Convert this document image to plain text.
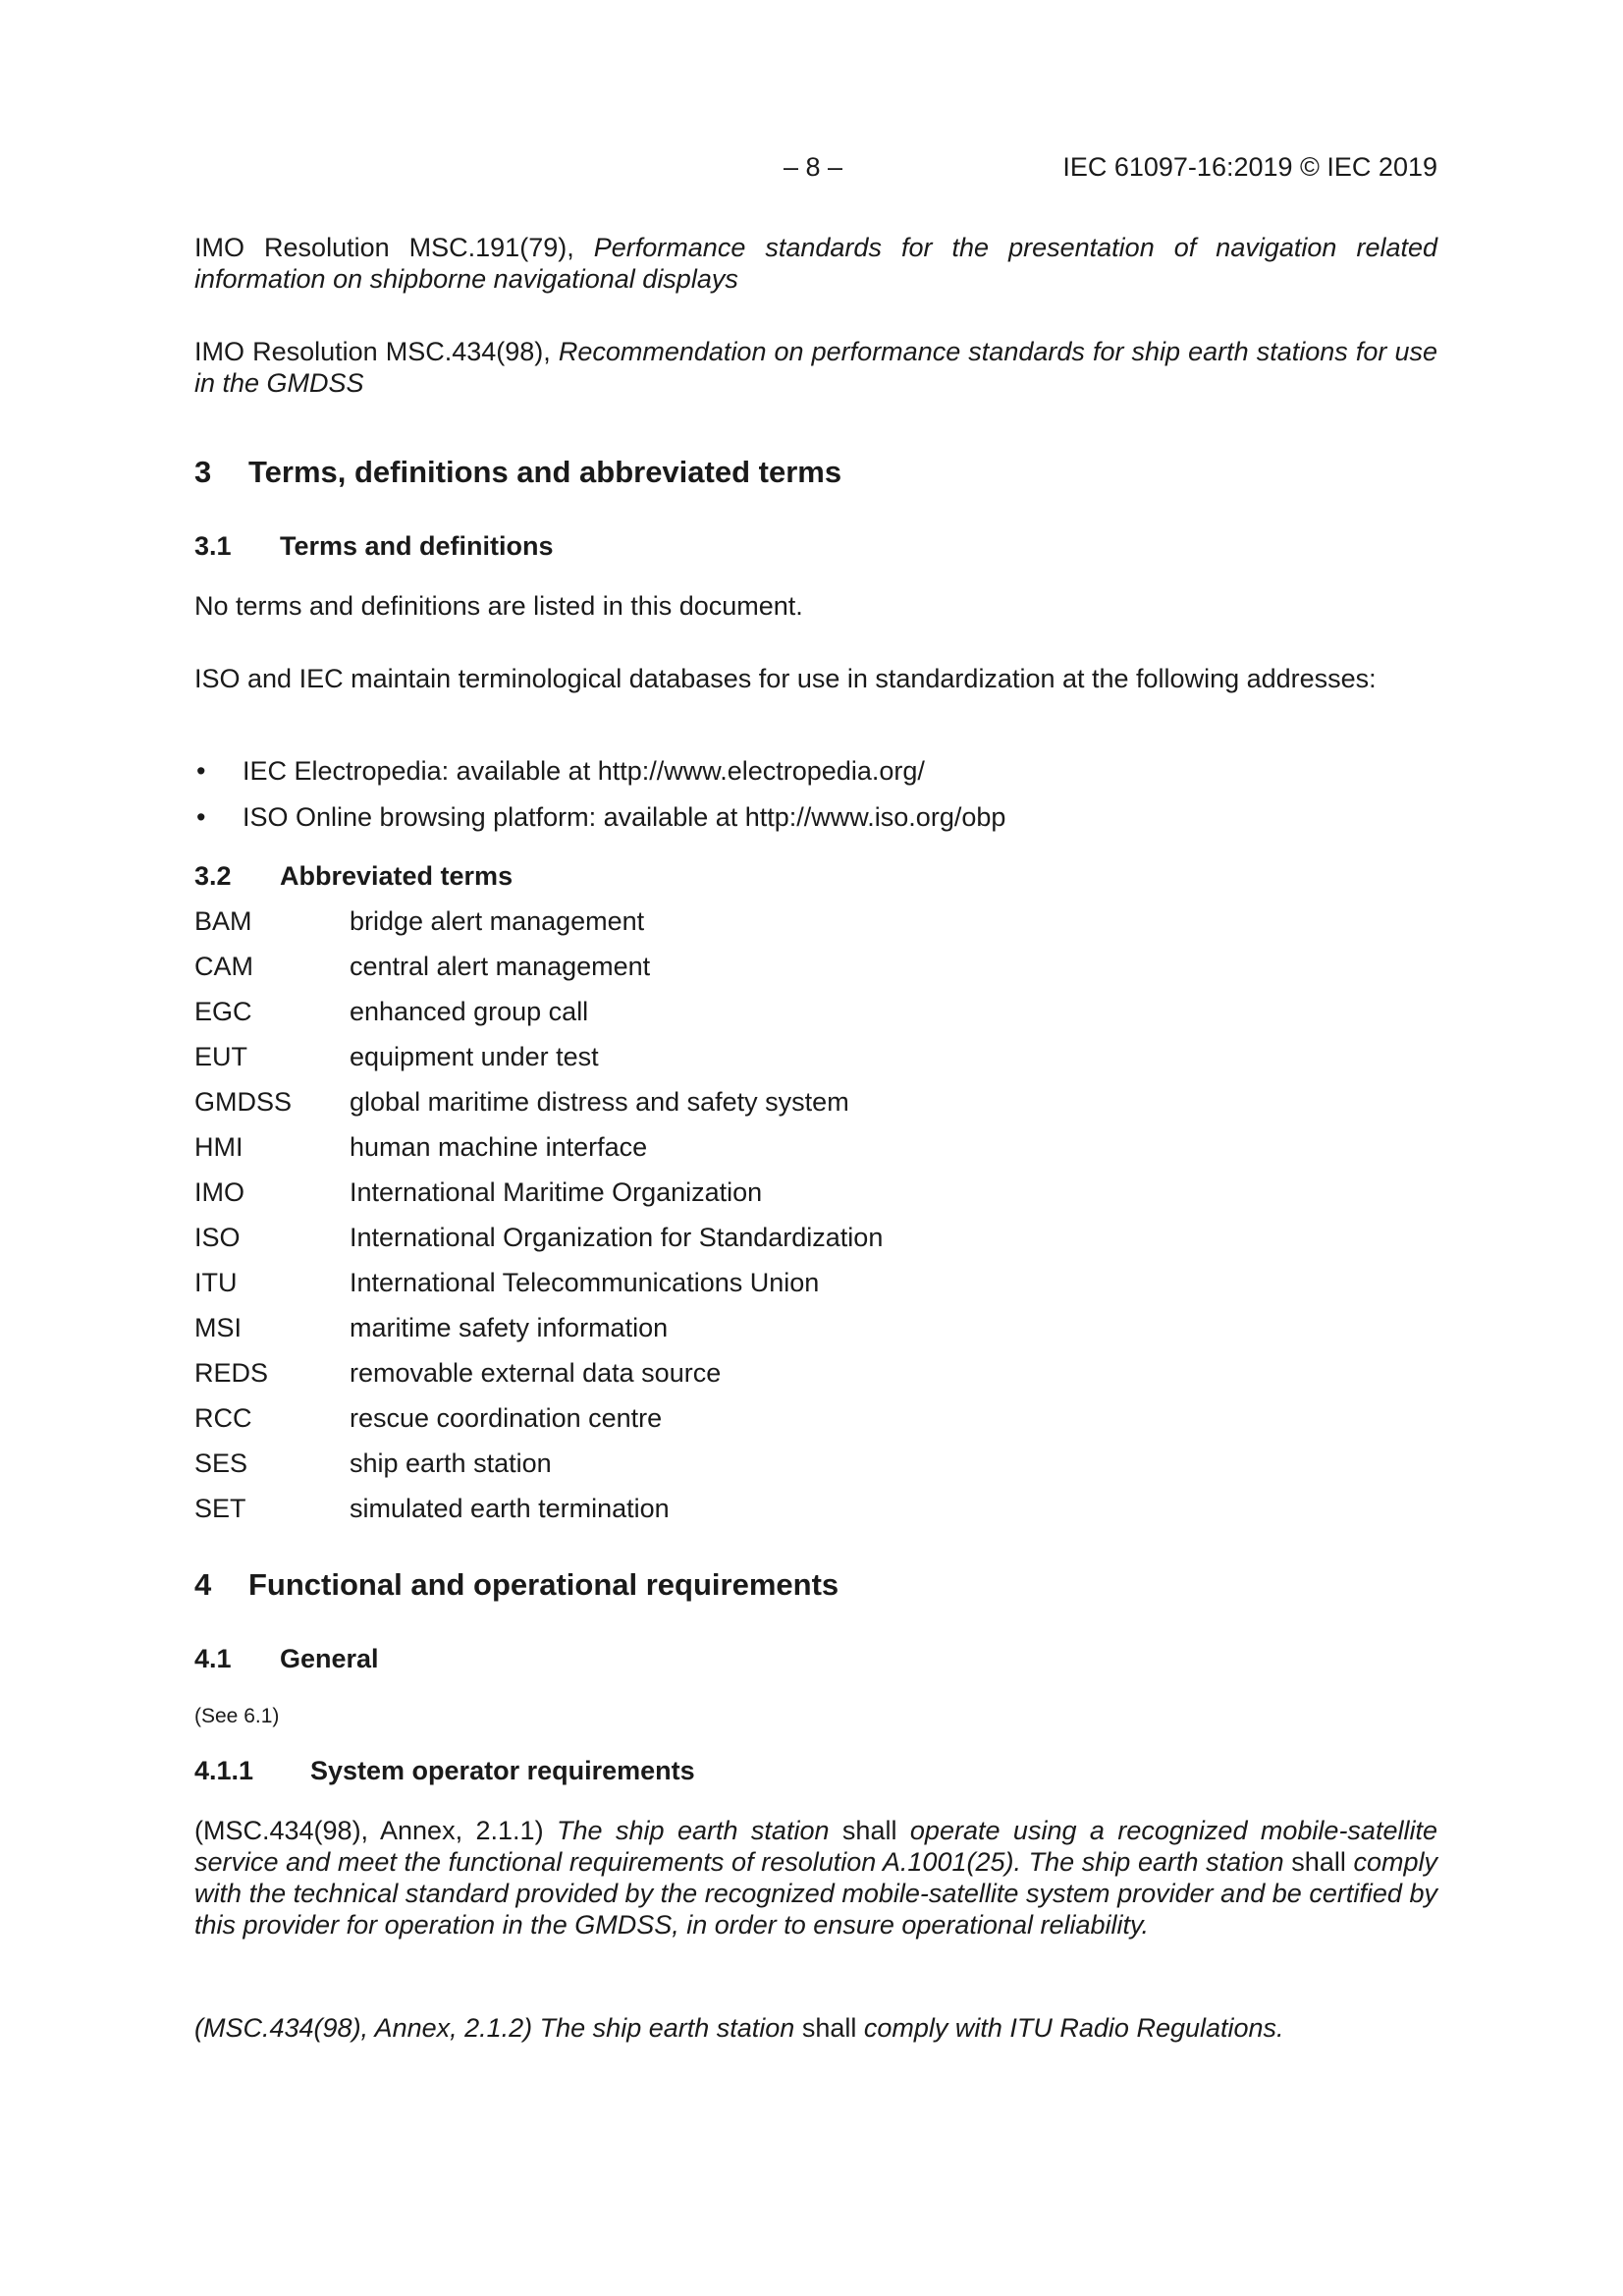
– 8 –	IEC 61097-16:2019 © IEC 2019
IMO Resolution MSC.191(79), Performance standards for the presentation of navigation related information on shipborne navigational displays
IMO Resolution MSC.434(98), Recommendation on performance standards for ship earth stations for use in the GMDSS
3 Terms, definitions and abbreviated terms
3.1 Terms and definitions
No terms and definitions are listed in this document.
ISO and IEC maintain terminological databases for use in standardization at the following addresses:
• IEC Electropedia: available at http://www.electropedia.org/
• ISO Online browsing platform: available at http://www.iso.org/obp
3.2 Abbreviated terms
BAM	bridge alert management
CAM	central alert management
EGC	enhanced group call
EUT	equipment under test
GMDSS global maritime distress and safety system
HMI	human machine interface
IMO	International Maritime Organization
ISO	International Organization for Standardization
ITU	International Telecommunications Union
MSI	maritime safety information
REDS	removable external data source
RCC	rescue coordination centre
SES	ship earth station
SET	simulated earth termination
4 Functional and operational requirements
4.1 General
(See 6.1)
4.1.1 System operator requirements
(MSC.434(98), Annex, 2.1.1) The ship earth station shall operate using a recognized mobile-satellite service and meet the functional requirements of resolution A.1001(25). The ship earth station shall comply with the technical standard provided by the recognized mobile-satellite system provider and be certified by this provider for operation in the GMDSS, in order to ensure operational reliability.
(MSC.434(98), Annex, 2.1.2) The ship earth station shall comply with ITU Radio Regulations.
